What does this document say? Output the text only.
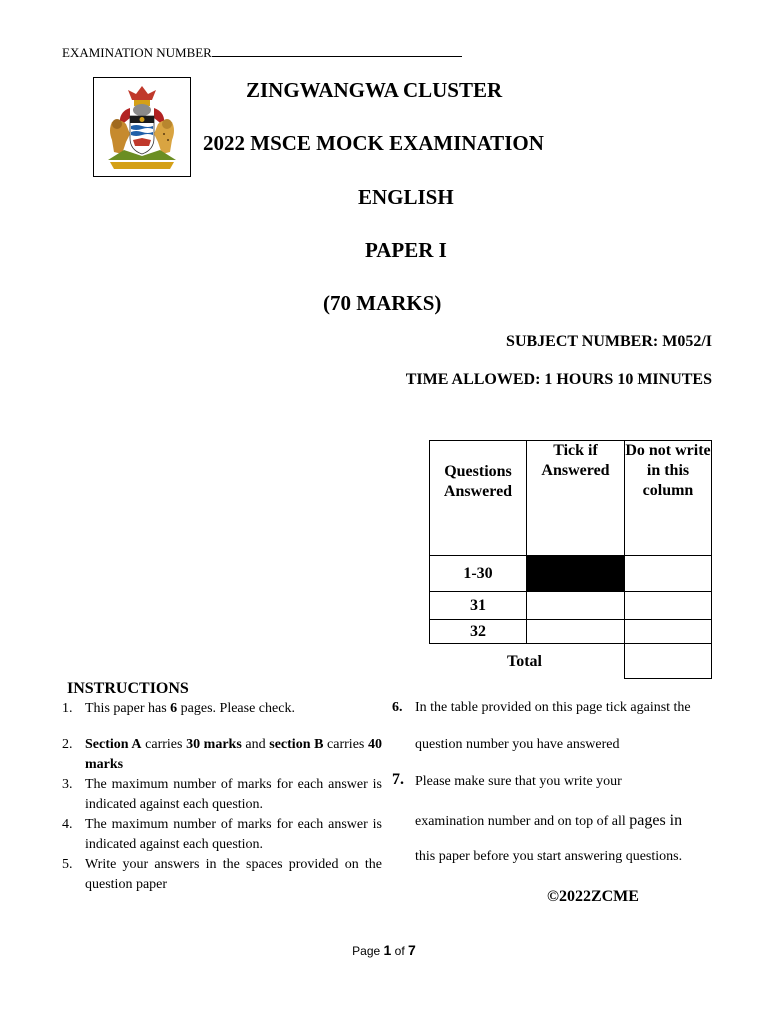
EXAMINATION NUMBER
ZINGWANGWA CLUSTER
2022 MSCE MOCK EXAMINATION
ENGLISH
PAPER I
(70 MARKS)
SUBJECT NUMBER: M052/I
TIME ALLOWED: 1 HOURS 10 MINUTES
Questions Answered
Tick if Answered
Do not write in this column
1-30
31
32
Total
INSTRUCTIONS
1. This paper has 6 pages. Please check.
2. Section A carries 30 marks and section B carries 40 marks
3. The maximum number of marks for each answer is indicated against each question.
4. The maximum number of marks for each answer is indicated against each question.
5. Write your answers in the spaces provided on the question paper
6. In the table provided on this page tick against the
question number you have answered
7. Please make sure that you write your
examination number and on top of all pages in
this paper before you start answering questions.
©2022ZCME
Page 1 of 7
